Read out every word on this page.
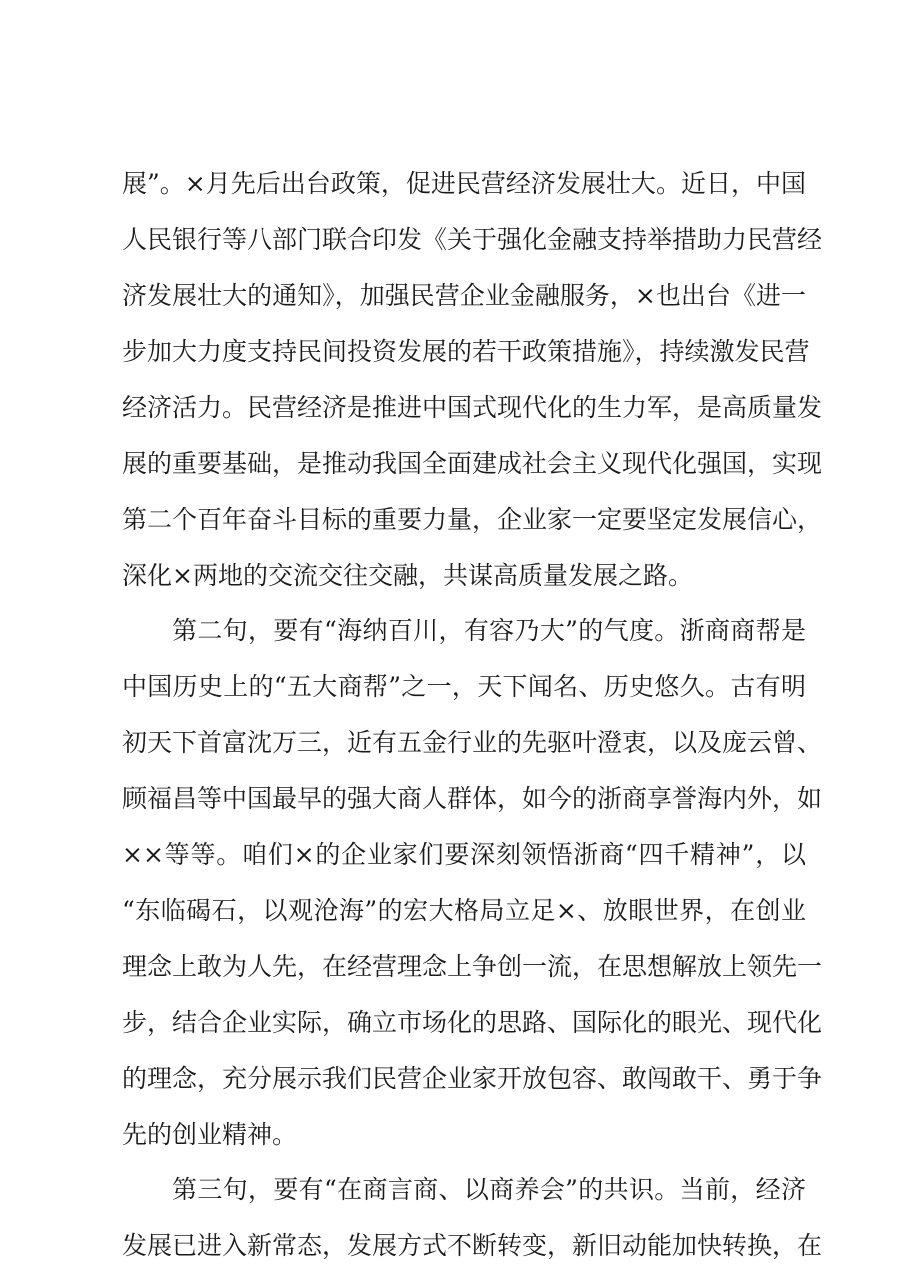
展”。×月先后出台政策，促进民营经济发展壮大。近日，中国
人民银行等八部门联合印发《关于强化金融支持举措助力民营经
济发展壮大的通知》，加强民营企业金融服务，×也出台《进一
步加大力度支持民间投资发展的若干政策措施》，持续激发民营
经济活力。民营经济是推进中国式现代化的生力军，是高质量发
展的重要基础，是推动我国全面建成社会主义现代化强国，实现
第二个百年奋斗目标的重要力量，企业家一定要坚定发展信心，
深化×两地的交流交往交融，共谋高质量发展之路。
第二句，要有“海纳百川，有容乃大”的气度。浙商商帮是
中国历史上的“五大商帮”之一，天下闻名、历史悠久。古有明
初天下首富沈万三，近有五金行业的先驱叶澄衷，以及庞云曾、
顾福昌等中国最早的强大商人群体，如今的浙商享誉海内外，如
××等等。咱们×的企业家们要深刻领悟浙商“四千精神”，以
“东临碣石，以观沧海”的宏大格局立足×、放眼世界，在创业
理念上敢为人先，在经营理念上争创一流，在思想解放上领先一
步，结合企业实际，确立市场化的思路、国际化的眼光、现代化
的理念，充分展示我们民营企业家开放包容、敢闯敢干、勇于争
先的创业精神。
第三句，要有“在商言商、以商养会”的共识。当前，经济
发展已进入新常态，发展方式不断转变，新旧动能加快转换，在
